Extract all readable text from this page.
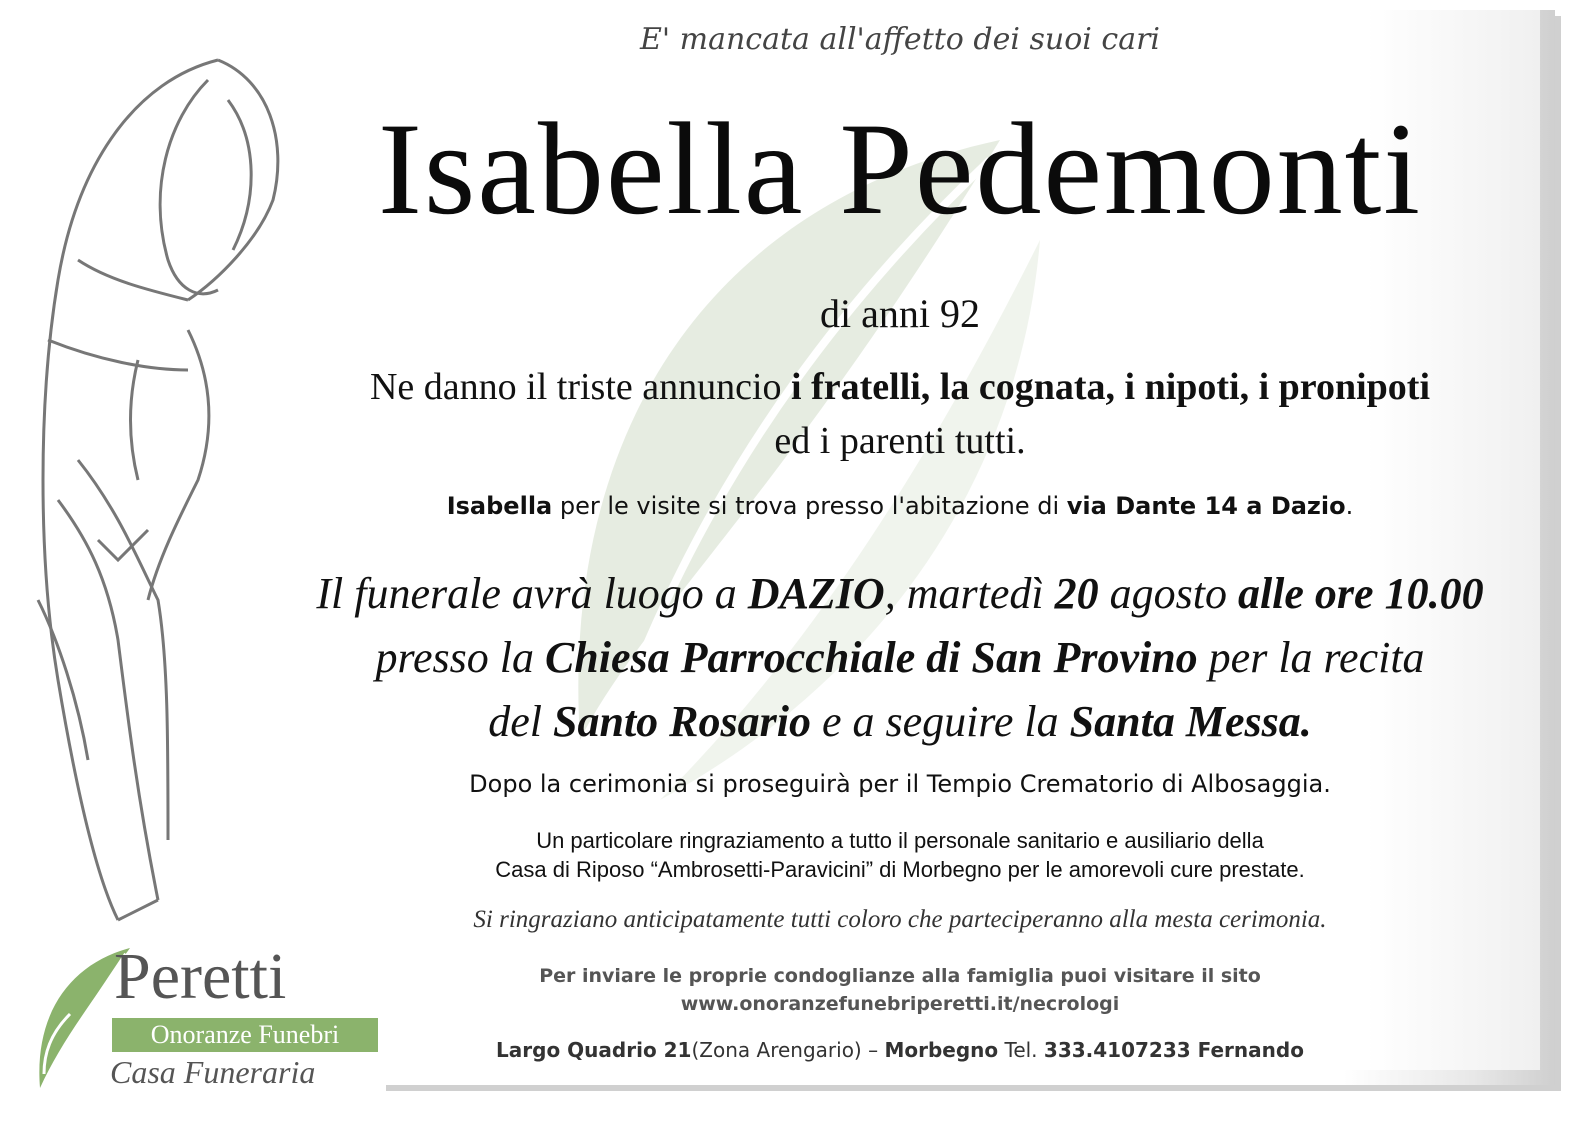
E' mancata all'affetto dei suoi cari
Isabella Pedemonti
di anni 92
Ne danno il triste annuncio i fratelli, la cognata, i nipoti, i pronipoti
ed i parenti tutti.
Isabella per le visite si trova presso l'abitazione di via Dante 14 a Dazio.
Il funerale avrà luogo a DAZIO, martedì 20 agosto alle ore 10.00
presso la Chiesa Parrocchiale di San Provino per la recita
del Santo Rosario e a seguire la Santa Messa.
Dopo la cerimonia si proseguirà per il Tempio Crematorio di Albosaggia.
Un particolare ringraziamento a tutto il personale sanitario e ausiliario della
Casa di Riposo “Ambrosetti-Paravicini” di Morbegno per le amorevoli cure prestate.
Si ringraziano anticipatamente tutti coloro che parteciperanno alla mesta cerimonia.
Per inviare le proprie condoglianze alla famiglia puoi visitare il sito
www.onoranzefunebriperetti.it/necrologi
Largo Quadrio 21(Zona Arengario) – Morbegno Tel. 333.4107233 Fernando
Peretti
Onoranze Funebri
Casa Funeraria
